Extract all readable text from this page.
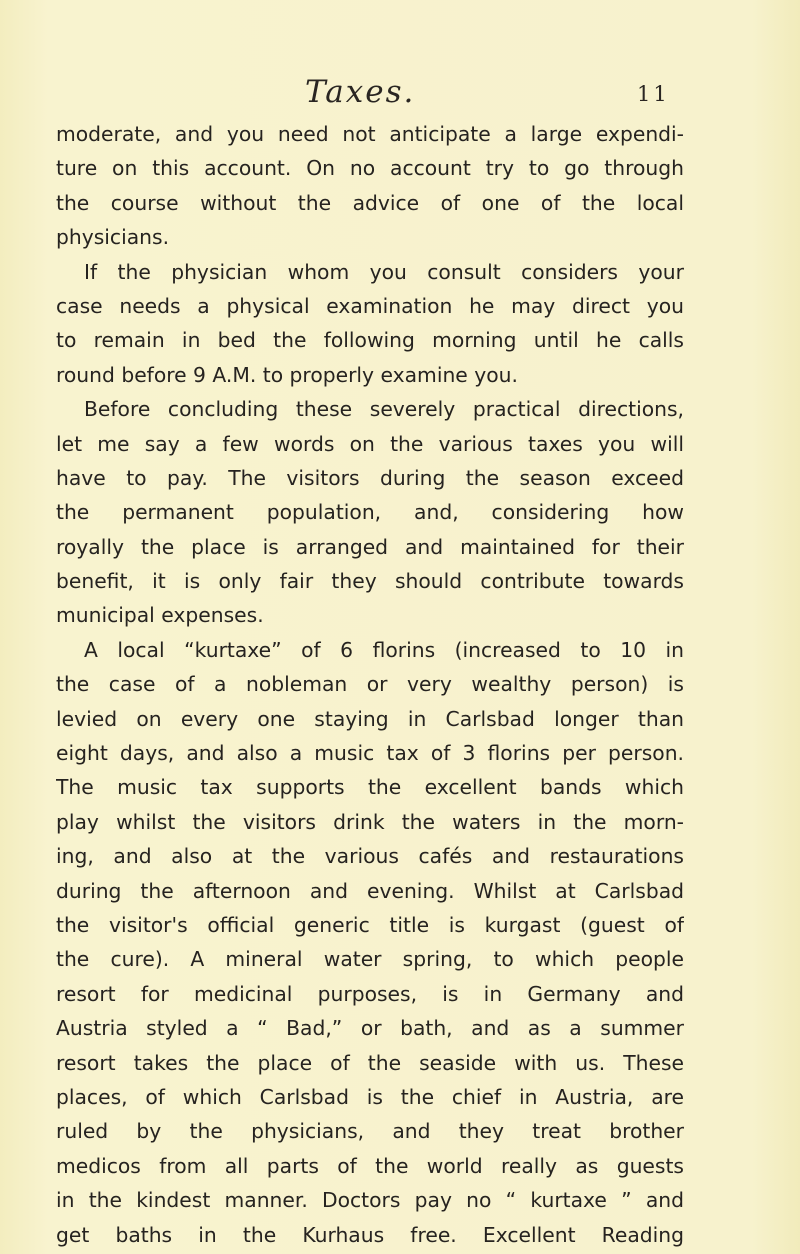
Taxes.	11
moderate, and you need not anticipate a large expendi-
ture on this account. On no account try to go through
the course without the advice of one of the local
physicians.
If the physician whom you consult considers your
case needs a physical examination he may direct you
to remain in bed the following morning until he calls
round before 9 A.M. to properly examine you.
Before concluding these severely practical directions,
let me say a few words on the various taxes you will
have to pay. The visitors during the season exceed
the permanent population, and, considering how
royally the place is arranged and maintained for their
benefit, it is only fair they should contribute towards
municipal expenses.
A local “kurtaxe” of 6 florins (increased to 10 in
the case of a nobleman or very wealthy person) is
levied on every one staying in Carlsbad longer than
eight days, and also a music tax of 3 florins per person.
The music tax supports the excellent bands which
play whilst the visitors drink the waters in the morn-
ing, and also at the various cafés and restaurations
during the afternoon and evening. Whilst at Carlsbad
the visitor's official generic title is kurgast (guest of
the cure). A mineral water spring, to which people
resort for medicinal purposes, is in Germany and
Austria styled a “ Bad,” or bath, and as a summer
resort takes the place of the seaside with us. These
places, of which Carlsbad is the chief in Austria, are
ruled by the physicians, and they treat brother
medicos from all parts of the world really as guests
in the kindest manner. Doctors pay no “ kurtaxe ” and
get baths in the Kurhaus free. Excellent Reading
